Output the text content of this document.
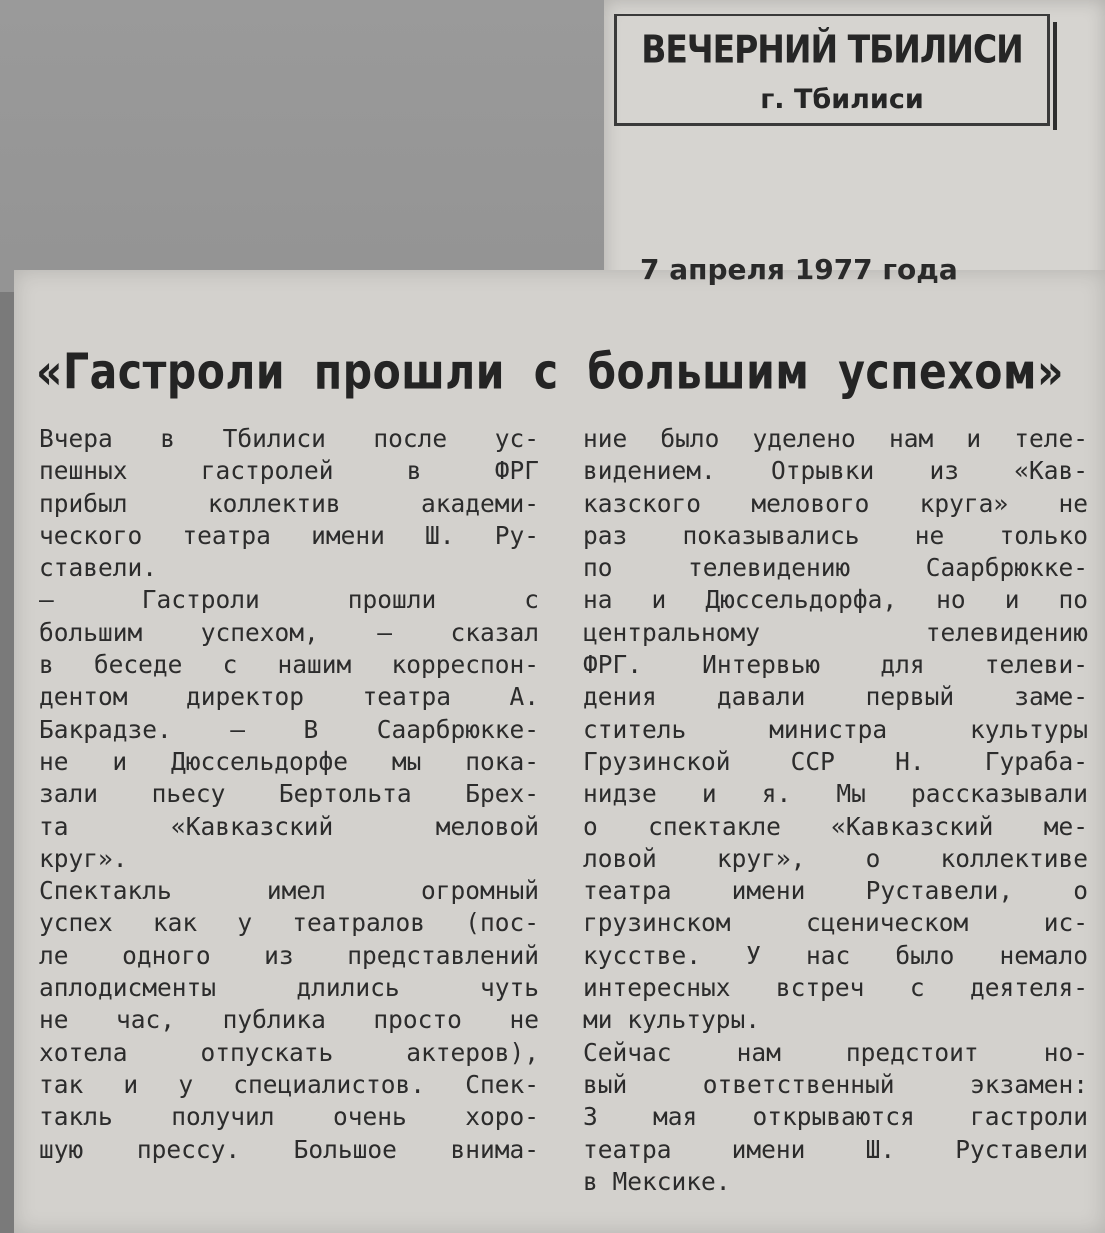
ВЕЧЕРНИЙ ТБИЛИСИ
г. Тбилиси
7 апреля 1977 года
«Гастроли прошли с большим успехом»
Вчера в Тбилиси после ус-
пешных гастролей в ФРГ
прибыл коллектив академи-
ческого театра имени Ш. Ру-
ставели.
— Гастроли прошли с
большим успехом, — сказал
в беседе с нашим корреспон-
дентом директор театра А.
Бакрадзе. — В Саарбрюкке-
не и Дюссельдорфе мы пока-
зали пьесу Бертольта Брех-
та «Кавказский меловой
круг».
Спектакль имел огромный
успех как у театралов (пос-
ле одного из представлений
аплодисменты длились чуть
не час, публика просто не
хотела отпускать актеров),
так и у специалистов. Спек-
такль получил очень хоро-
шую прессу. Большое внима-
ние было уделено нам и теле-
видением. Отрывки из «Кав-
казского мелового круга» не
раз показывались не только
по телевидению Саарбрюкке-
на и Дюссельдорфа, но и по
центральному телевидению
ФРГ. Интервью для телеви-
дения давали первый заме-
ститель министра культуры
Грузинской ССР Н. Гураба-
нидзе и я. Мы рассказывали
о спектакле «Кавказский ме-
ловой круг», о коллективе
театра имени Руставели, о
грузинском сценическом ис-
кусстве. У нас было немало
интересных встреч с деятеля-
ми культуры.
Сейчас нам предстоит но-
вый ответственный экзамен:
3 мая открываются гастроли
театра имени Ш. Руставели
в Мексике.
